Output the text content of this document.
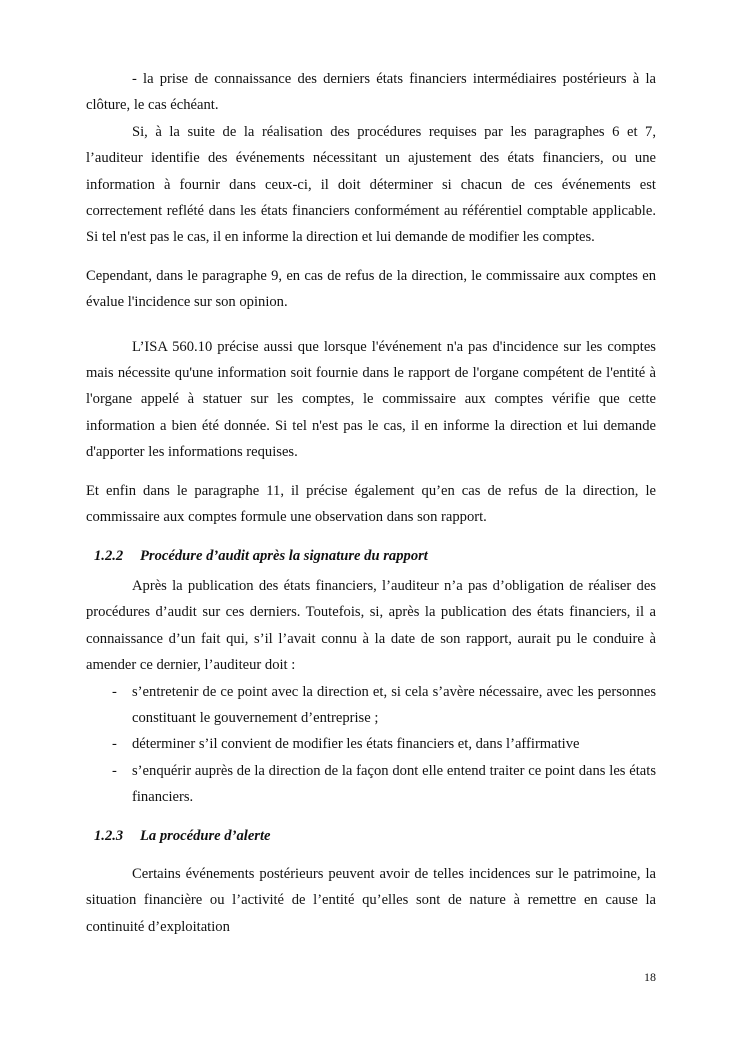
- la prise de connaissance des derniers états financiers intermédiaires postérieurs à la clôture, le cas échéant.

Si, à la suite de la réalisation des procédures requises par les paragraphes 6 et 7, l’auditeur identifie des événements nécessitant un ajustement des états financiers, ou une information à fournir dans ceux-ci, il doit déterminer si chacun de ces événements est correctement reflété dans les états financiers conformément au référentiel comptable applicable. Si tel n'est pas le cas, il en informe la direction et lui demande de modifier les comptes.

Cependant, dans le paragraphe 9, en cas de refus de la direction, le commissaire aux comptes en évalue l'incidence sur son opinion.

L’ISA 560.10 précise aussi que lorsque l'événement n'a pas d'incidence sur les comptes mais nécessite qu'une information soit fournie dans le rapport de l'organe compétent de l'entité à l'organe appelé à statuer sur les comptes, le commissaire aux comptes vérifie que cette information a bien été donnée. Si tel n'est pas le cas, il en informe la direction et lui demande d'apporter les informations requises.

Et enfin dans le paragraphe 11, il précise également qu’en cas de refus de la direction, le commissaire aux comptes formule une observation dans son rapport.

1.2.2 Procédure d’audit après la signature du rapport

Après la publication des états financiers, l’auditeur n’a pas d’obligation de réaliser des procédures d’audit sur ces derniers. Toutefois, si, après la publication des états financiers, il a connaissance d’un fait qui, s’il l’avait connu à la date de son rapport, aurait pu le conduire à amender ce dernier, l’auditeur doit :

- s’entretenir de ce point avec la direction et, si cela s’avère nécessaire, avec les personnes constituant le gouvernement d’entreprise ;
- déterminer s’il convient de modifier les états financiers et, dans l’affirmative
- s’enquérir auprès de la direction de la façon dont elle entend traiter ce point dans les états financiers.
1.2.3 La procédure d’alerte

Certains événements postérieurs peuvent avoir de telles incidences sur le patrimoine, la situation financière ou l’activité de l’entité qu’elles sont de nature à remettre en cause la continuité d’exploitation

18
